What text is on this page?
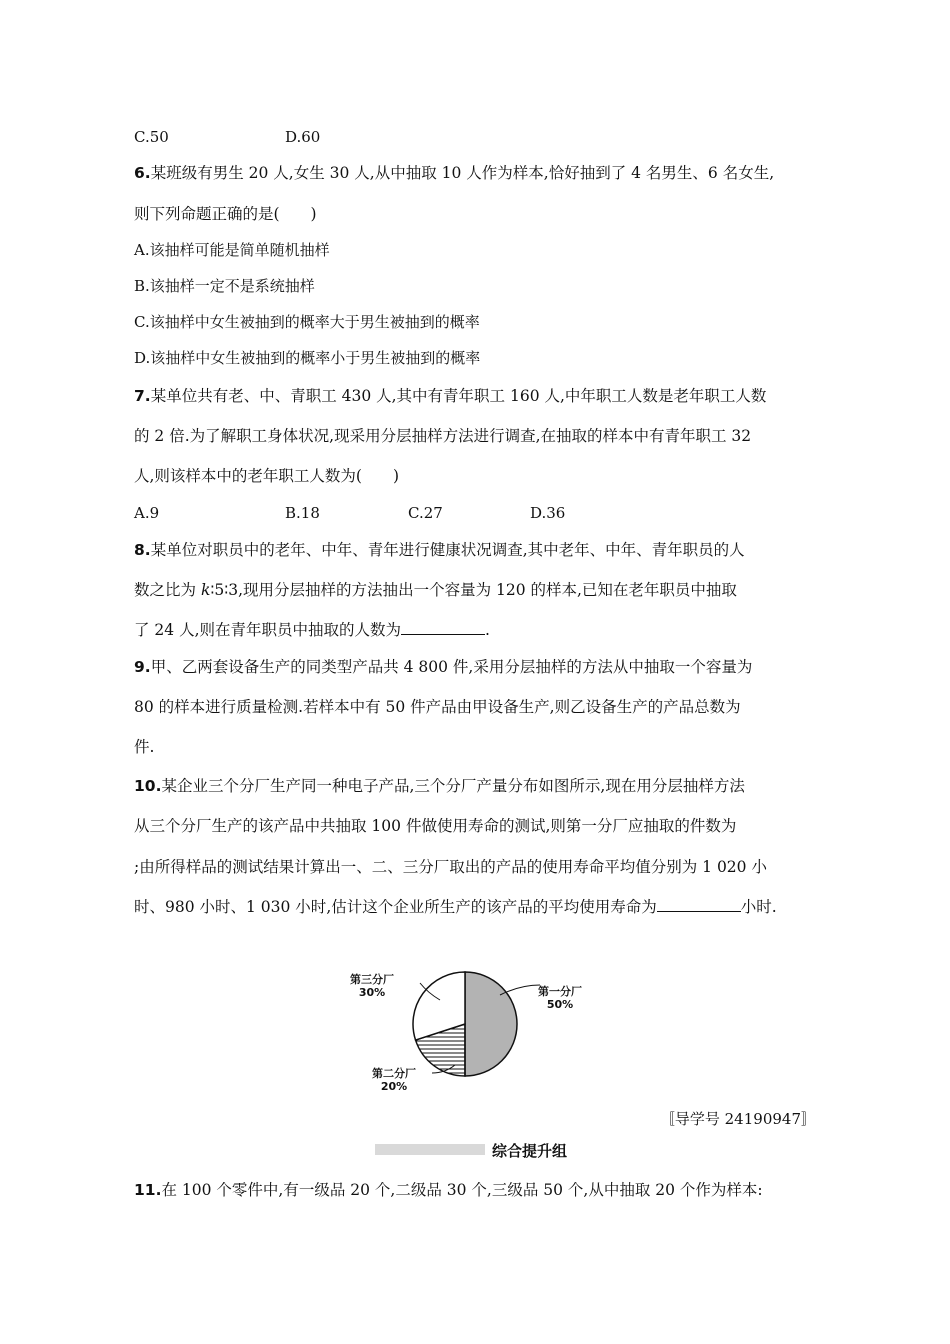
C.50	D.60
6.某班级有男生 20 人,女生 30 人,从中抽取 10 人作为样本,恰好抽到了 4 名男生、6 名女生,
则下列命题正确的是(　　)
A.该抽样可能是简单随机抽样
B.该抽样一定不是系统抽样
C.该抽样中女生被抽到的概率大于男生被抽到的概率
D.该抽样中女生被抽到的概率小于男生被抽到的概率
7.某单位共有老、中、青职工 430 人,其中有青年职工 160 人,中年职工人数是老年职工人数
的 2 倍.为了解职工身体状况,现采用分层抽样方法进行调查,在抽取的样本中有青年职工 32
人,则该样本中的老年职工人数为(　　)
A.9	B.18	C.27	D.36
8.某单位对职员中的老年、中年、青年进行健康状况调查,其中老年、中年、青年职员的人
数之比为 k∶5∶3,现用分层抽样的方法抽出一个容量为 120 的样本,已知在老年职员中抽取
了 24 人,则在青年职员中抽取的人数为	.
9.甲、乙两套设备生产的同类型产品共 4 800 件,采用分层抽样的方法从中抽取一个容量为
80 的样本进行质量检测.若样本中有 50 件产品由甲设备生产,则乙设备生产的产品总数为
件.
10.某企业三个分厂生产同一种电子产品,三个分厂产量分布如图所示,现在用分层抽样方法
从三个分厂生产的该产品中共抽取 100 件做使用寿命的测试,则第一分厂应抽取的件数为
;由所得样品的测试结果计算出一、二、三分厂取出的产品的使用寿命平均值分别为 1 020 小
时、980 小时、1 030 小时,估计这个企业所生产的该产品的平均使用寿命为	小时.
第三分厂
30%	第一分厂
50%
第二分厂
20%
〚导学号 24190947〛
综合提升组
11.在 100 个零件中,有一级品 20 个,二级品 30 个,三级品 50 个,从中抽取 20 个作为样本:
